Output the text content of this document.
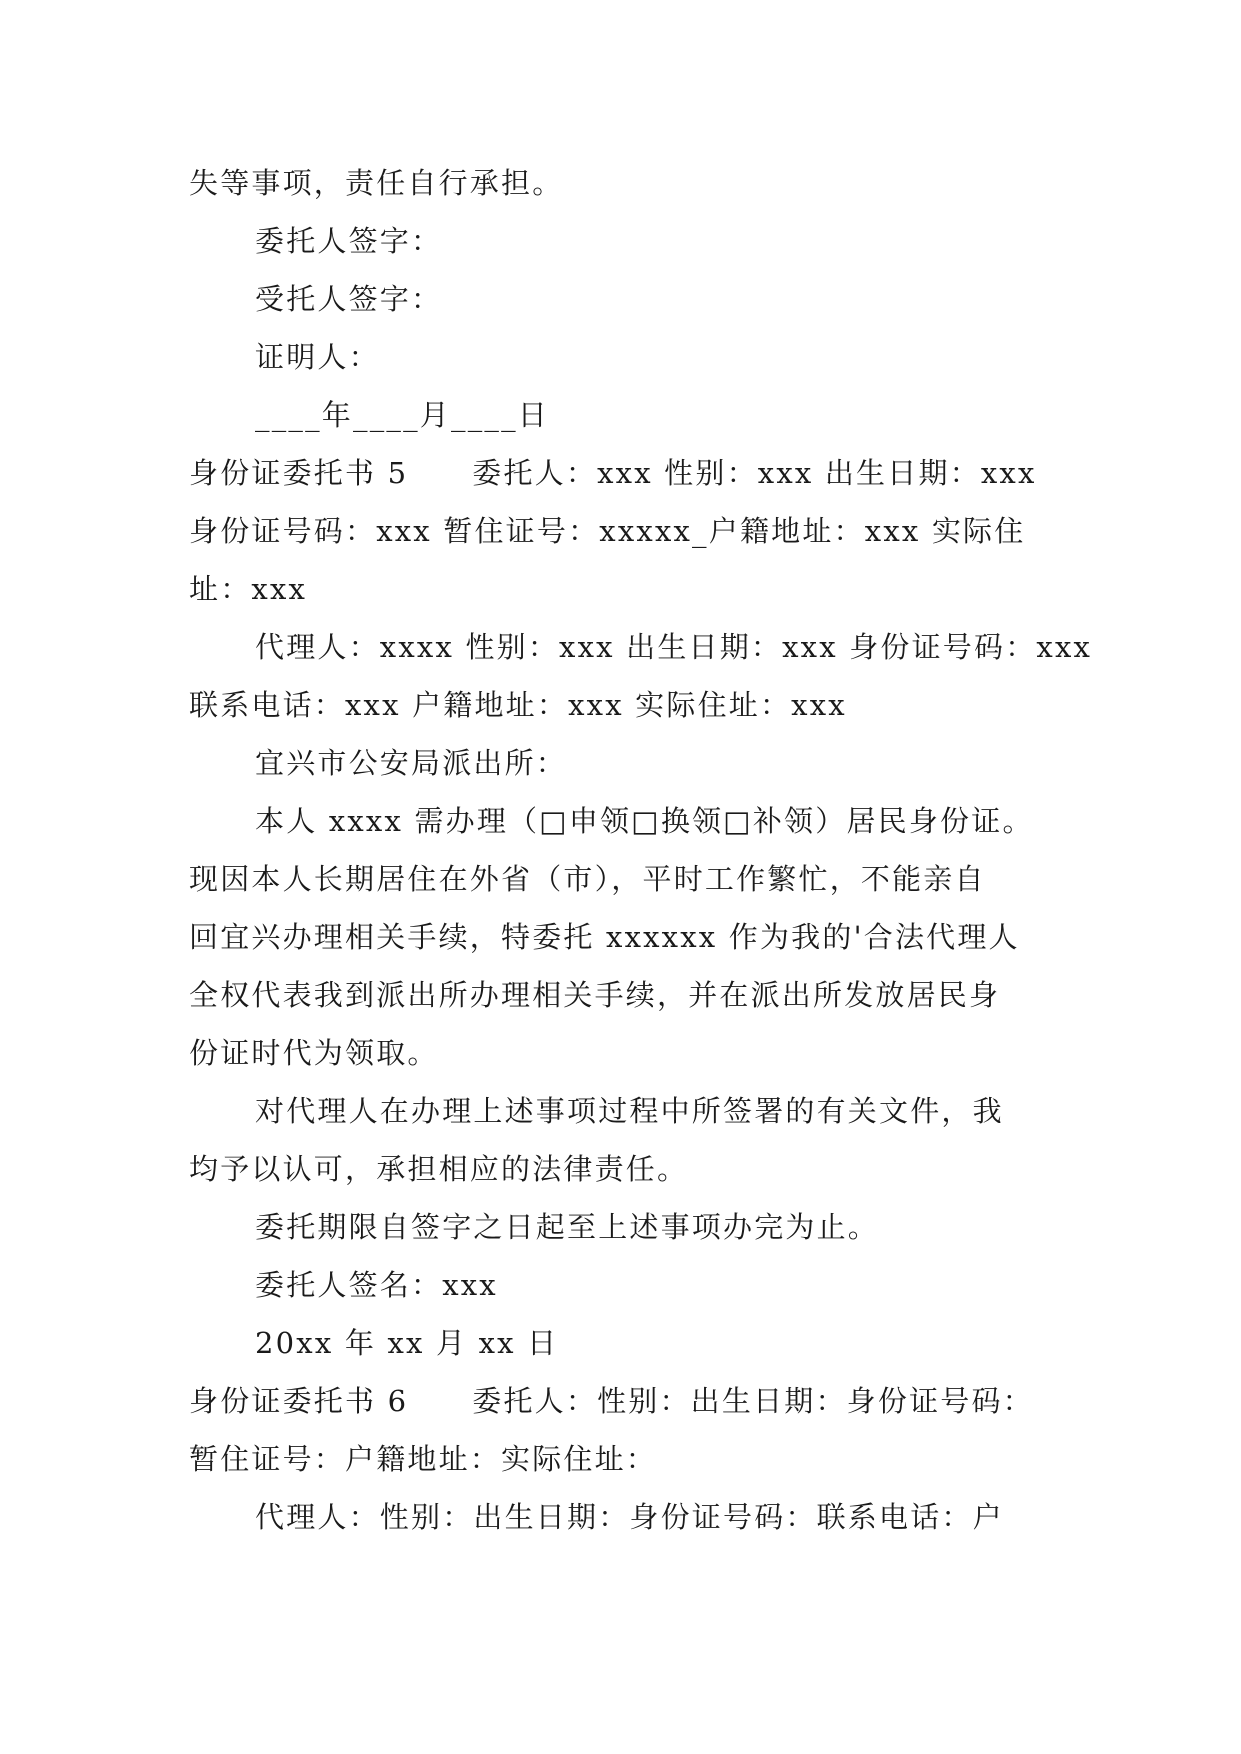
失等事项，责任自行承担。
委托人签字：
受托人签字：
证明人：
____年____月____日
身份证委托书 5 委托人：xxx 性别：xxx 出生日期：xxx
身份证号码：xxx 暂住证号：xxxxx_户籍地址：xxx 实际住
址：xxx
代理人：xxxx 性别：xxx 出生日期：xxx 身份证号码：xxx
联系电话：xxx 户籍地址：xxx 实际住址：xxx
宜兴市公安局派出所：
本人 xxxx 需办理（□申领□换领□补领）居民身份证。
现因本人长期居住在外省（市），平时工作繁忙，不能亲自
回宜兴办理相关手续，特委托 xxxxxx 作为我的'合法代理人
全权代表我到派出所办理相关手续，并在派出所发放居民身
份证时代为领取。
对代理人在办理上述事项过程中所签署的有关文件，我
均予以认可，承担相应的法律责任。
委托期限自签字之日起至上述事项办完为止。
委托人签名：xxx
20xx 年 xx 月 xx 日
身份证委托书 6 委托人：性别：出生日期：身份证号码：
暂住证号：户籍地址：实际住址：
代理人：性别：出生日期：身份证号码：联系电话：户
